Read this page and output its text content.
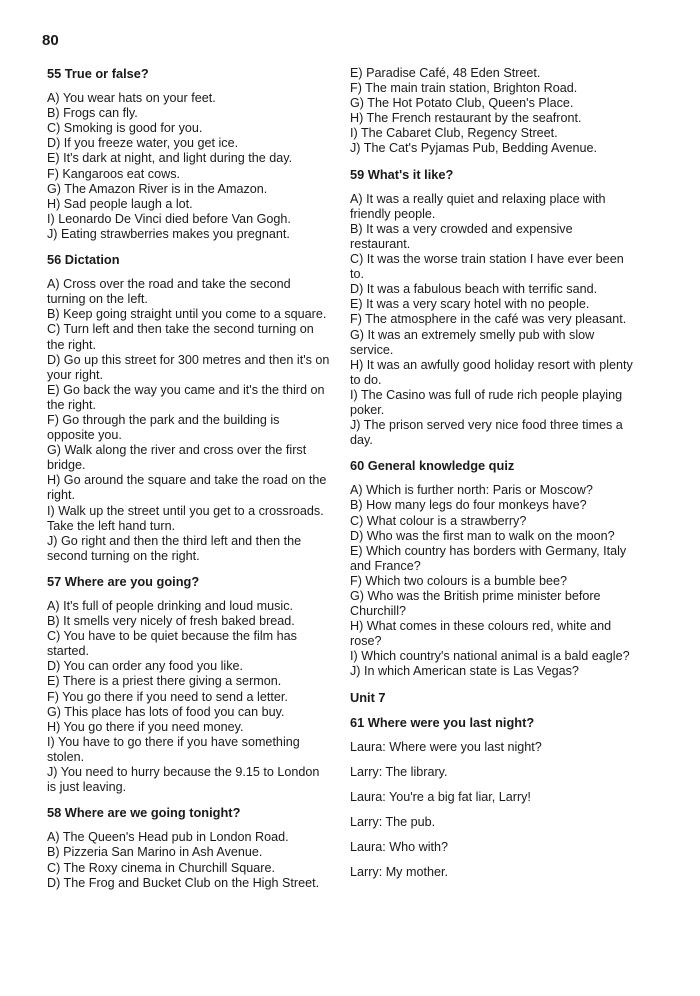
80
55 True or false?
A) You wear hats on your feet.
B) Frogs can fly.
C) Smoking is good for you.
D) If you freeze water, you get ice.
E) It's dark at night, and light during the day.
F) Kangaroos eat cows.
G) The Amazon River is in the Amazon.
H) Sad people laugh a lot.
I) Leonardo De Vinci died before Van Gogh.
J) Eating strawberries makes you pregnant.
56 Dictation
A) Cross over the road and take the second turning on the left.
B) Keep going straight until you come to a square.
C) Turn left and then take the second turning on the right.
D) Go up this street for 300 metres and then it's on your right.
E) Go back the way you came and it's the third on the right.
F) Go through the park and the building is opposite you.
G) Walk along the river and cross over the first bridge.
H) Go around the square and take the road on the right.
I) Walk up the street until you get to a crossroads. Take the left hand turn.
J) Go right and then the third left and then the second turning on the right.
57 Where are you going?
A) It's full of people drinking and loud music.
B) It smells very nicely of fresh baked bread.
C) You have to be quiet because the film has started.
D) You can order any food you like.
E) There is a priest there giving a sermon.
F) You go there if you need to send a letter.
G) This place has lots of food you can buy.
H) You go there if you need money.
I) You have to go there if you have something stolen.
J) You need to hurry because the 9.15 to London is just leaving.
58 Where are we going tonight?
A) The Queen's Head pub in London Road.
B) Pizzeria San Marino in Ash Avenue.
C) The Roxy cinema in Churchill Square.
D) The Frog and Bucket Club on the High Street.
E) Paradise Café, 48 Eden Street.
F) The main train station, Brighton Road.
G) The Hot Potato Club, Queen's Place.
H) The French restaurant by the seafront.
I) The Cabaret Club, Regency Street.
J) The Cat's Pyjamas Pub, Bedding Avenue.
59 What's it like?
A) It was a really quiet and relaxing place with friendly people.
B) It was a very crowded and expensive restaurant.
C) It was the worse train station I have ever been to.
D) It was a fabulous beach with terrific sand.
E) It was a very scary hotel with no people.
F) The atmosphere in the café was very pleasant.
G) It was an extremely smelly pub with slow service.
H) It was an awfully good holiday resort with plenty to do.
I) The Casino was full of rude rich people playing poker.
J) The prison served very nice food three times a day.
60 General knowledge quiz
A) Which is further north: Paris or Moscow?
B) How many legs do four monkeys have?
C) What colour is a strawberry?
D) Who was the first man to walk on the moon?
E) Which country has borders with Germany, Italy and France?
F) Which two colours is a bumble bee?
G) Who was the British prime minister before Churchill?
H) What comes in these colours red, white and rose?
I) Which country's national animal is a bald eagle?
J) In which American state is Las Vegas?
Unit 7
61 Where were you last night?
Laura: Where were you last night?
Larry: The library.
Laura: You're a big fat liar, Larry!
Larry: The pub.
Laura: Who with?
Larry: My mother.
